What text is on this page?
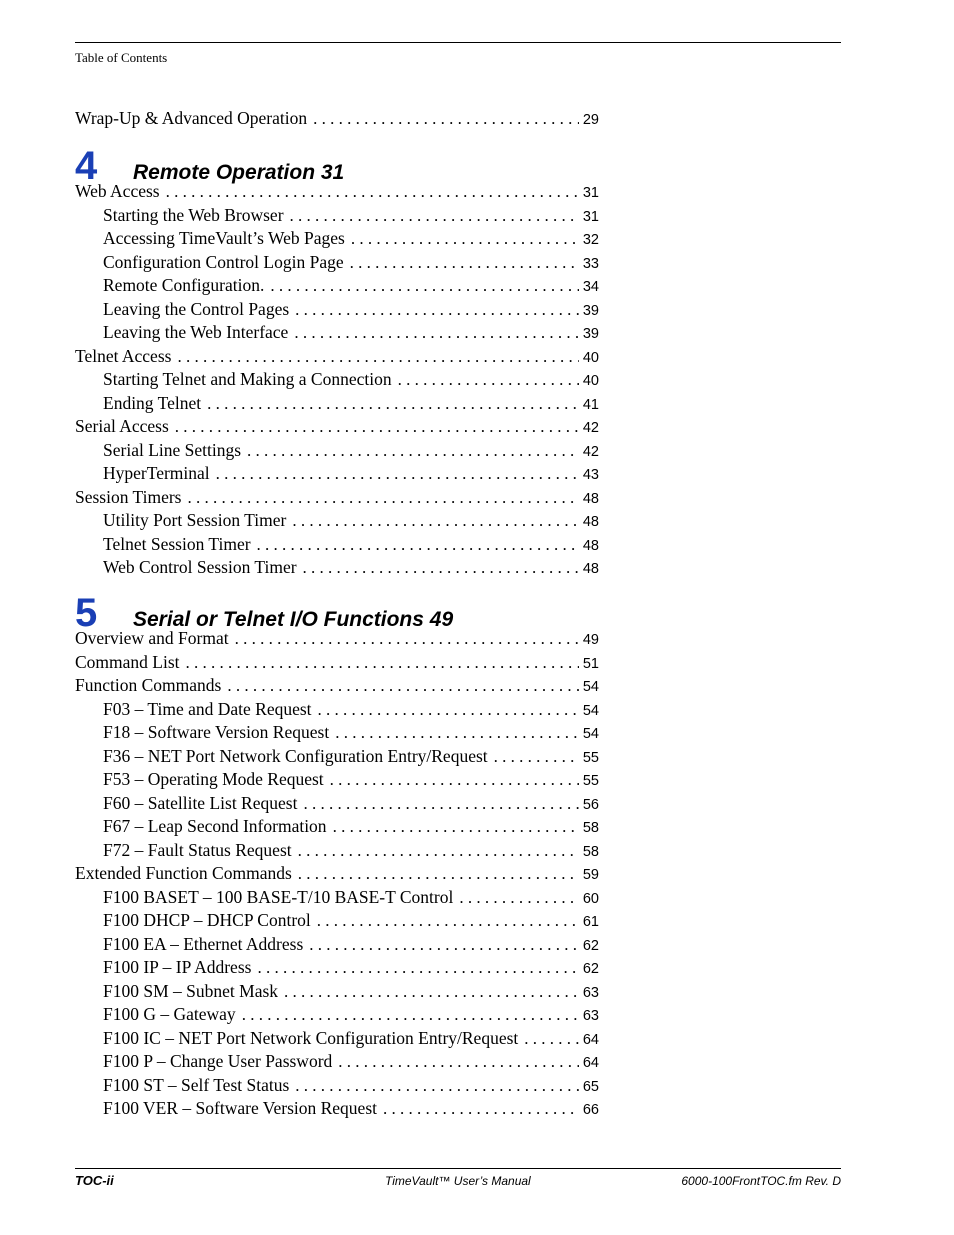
Table of Contents
Wrap-Up & Advanced Operation . . .	29
4	Remote Operation 31
Web Access . . .	31
Starting the Web Browser . . .	31
Accessing TimeVault’s Web Pages . . .	32
Configuration Control Login Page . . .	33
Remote Configuration. . . .	34
Leaving the Control Pages . . .	39
Leaving the Web Interface . . .	39
Telnet Access . . .	40
Starting Telnet and Making a Connection . . .	40
Ending Telnet . . .	41
Serial Access . . .	42
Serial Line Settings . . .	42
HyperTerminal . . .	43
Session Timers . . .	48
Utility Port Session Timer . . .	48
Telnet Session Timer . . .	48
Web Control Session Timer . . .	48
5	Serial or Telnet I/O Functions 49
Overview and Format . . .	49
Command List . . .	51
Function Commands . . .	54
F03 – Time and Date Request . . .	54
F18 – Software Version Request . . .	54
F36 – NET Port Network Configuration Entry/Request . . .	55
F53 – Operating Mode Request . . .	55
F60 – Satellite List Request . . .	56
F67 – Leap Second Information . . .	58
F72 – Fault Status Request . . .	58
Extended Function Commands . . .	59
F100 BASET – 100 BASE-T/10 BASE-T Control . . .	60
F100 DHCP – DHCP Control . . .	61
F100 EA – Ethernet Address . . .	62
F100 IP – IP Address . . .	62
F100 SM – Subnet Mask . . .	63
F100 G – Gateway . . .	63
F100 IC – NET Port Network Configuration Entry/Request . . .	64
F100 P – Change User Password . . .	64
F100 ST – Self Test Status . . .	65
F100 VER – Software Version Request . . .	66
TOC-ii	TimeVault™ User’s Manual	6000-100FrontTOC.fm Rev. D
